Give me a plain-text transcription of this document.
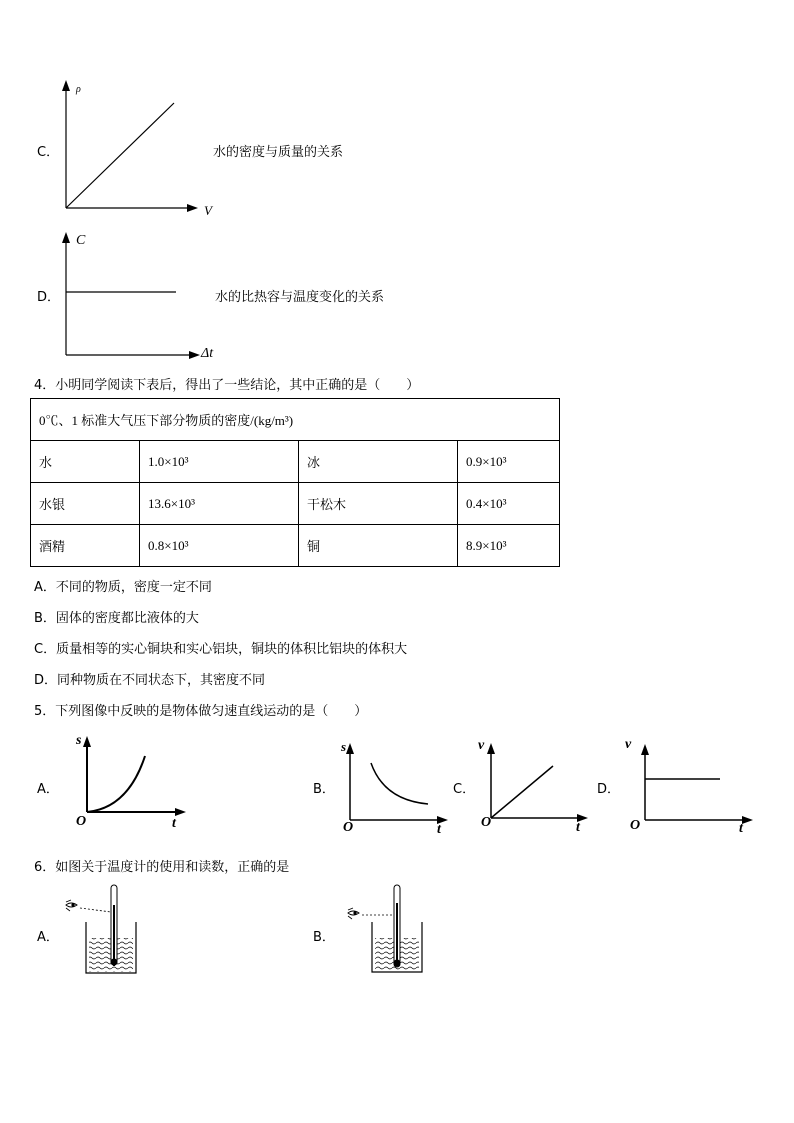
C．
ρ
V
水的密度与质量的关系
D．
C
Δt
水的比热容与温度变化的关系
4．小明同学阅读下表后，得出了一些结论，其中正确的是（　　）
0℃、1 标准大气压下部分物质的密度/(kg/m³)			
水	1.0×10³	冰	0.9×10³
水银	13.6×10³	干松木	0.4×10³
酒精	0.8×10³	铜	8.9×10³
A．不同的物质，密度一定不同
B．固体的密度都比液体的大
C．质量相等的实心铜块和实心铝块，铜块的体积比铝块的体积大
D．同种物质在不同状态下，其密度不同
5．下列图像中反映的是物体做匀速直线运动的是（　　）
A．
s
t
O
B．
s
t
O
C．
v
t
O
D．
v
t
O
6．如图关于温度计的使用和读数，正确的是
A．	B．
